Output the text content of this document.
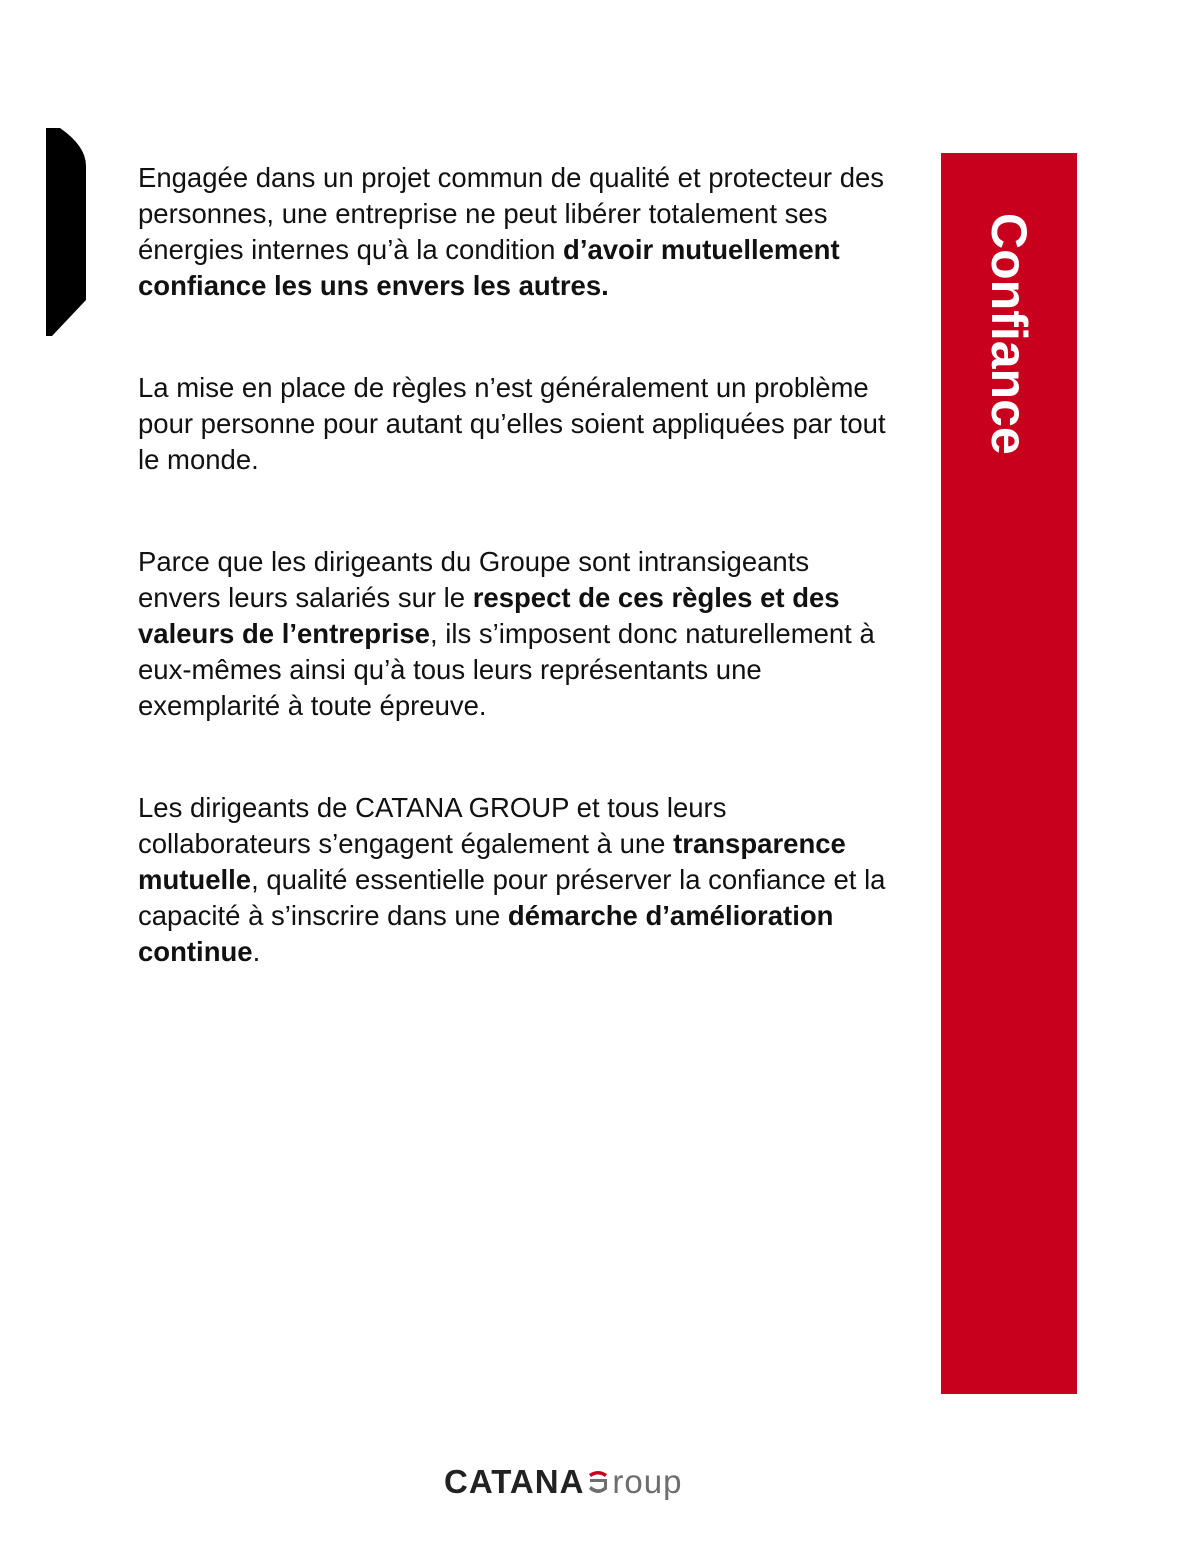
Engagée dans un projet commun de qualité et protecteur des personnes, une entreprise ne peut libérer totalement ses énergies internes qu’à la condition d’avoir mutuellement confiance les uns envers les autres.

La mise en place de règles n’est généralement un problème pour personne pour autant qu’elles soient appliquées par tout le monde.

Parce que les dirigeants du Groupe sont intransigeants envers leurs salariés sur le respect de ces règles et des valeurs de l’entreprise, ils s’imposent donc naturellement à eux-mêmes ainsi qu’à tous leurs représentants une exemplarité à toute épreuve.

Les dirigeants de CATANA GROUP et tous leurs collaborateurs s’engagent également à une transparence mutuelle, qualité essentielle pour préserver la confiance et la capacité à s’inscrire dans une démarche d’amélioration continue.

Confiance
CATANA roup
